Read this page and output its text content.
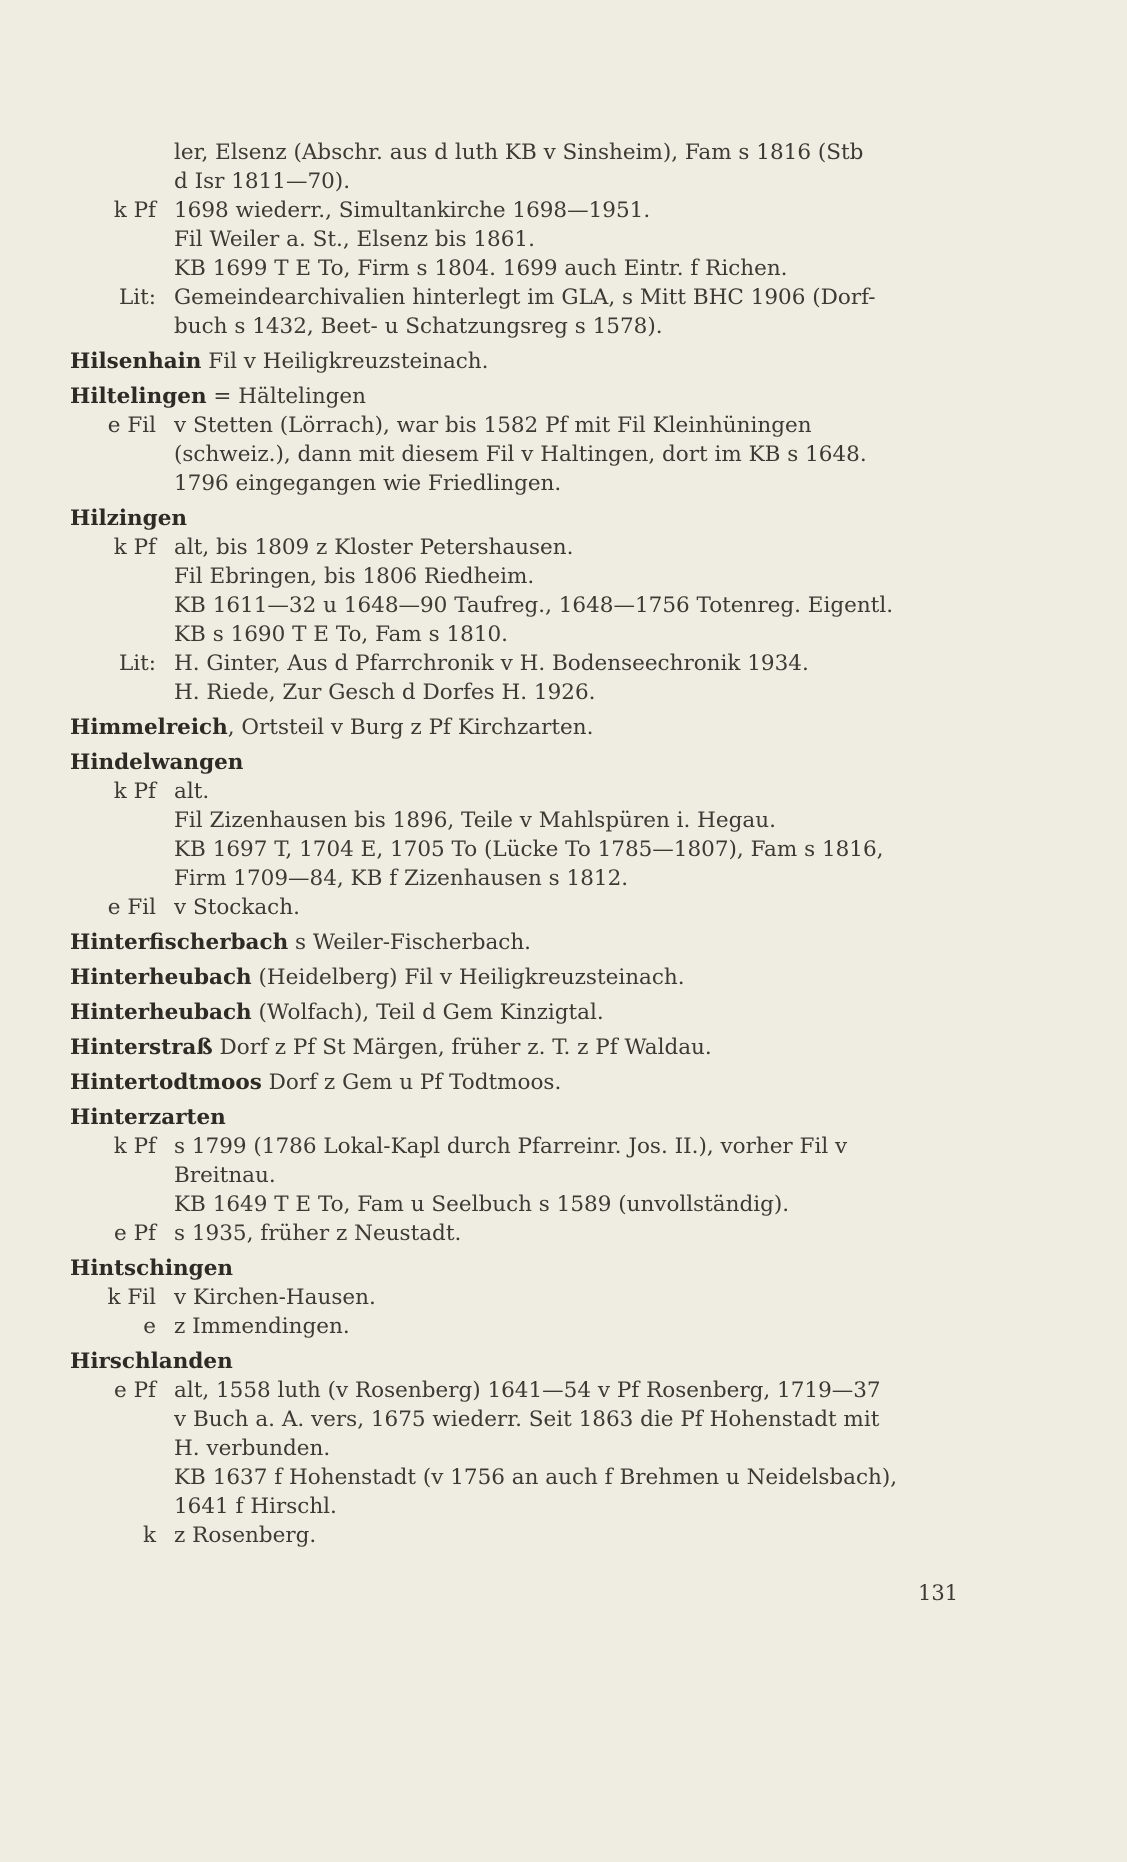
ler, Elsenz (Abschr. aus d luth KB v Sinsheim), Fam s 1816 (Stb
d Isr 1811—70).
k Pf 1698 wiederr., Simultankirche 1698—1951.
Fil Weiler a. St., Elsenz bis 1861.
KB 1699 T E To, Firm s 1804. 1699 auch Eintr. f Richen.
Lit: Gemeindearchivalien hinterlegt im GLA, s Mitt BHC 1906 (Dorf-
buch s 1432, Beet- u Schatzungsreg s 1578).
Hilsenhain Fil v Heiligkreuzsteinach.
Hiltelingen = Hältelingen
e Fil v Stetten (Lörrach), war bis 1582 Pf mit Fil Kleinhüningen
(schweiz.), dann mit diesem Fil v Haltingen, dort im KB s 1648.
1796 eingegangen wie Friedlingen.
Hilzingen
k Pf alt, bis 1809 z Kloster Petershausen.
Fil Ebringen, bis 1806 Riedheim.
KB 1611—32 u 1648—90 Taufreg., 1648—1756 Totenreg. Eigentl.
KB s 1690 T E To, Fam s 1810.
Lit: H. Ginter, Aus d Pfarrchronik v H. Bodenseechronik 1934.
H. Riede, Zur Gesch d Dorfes H. 1926.
Himmelreich, Ortsteil v Burg z Pf Kirchzarten.
Hindelwangen
k Pf alt.
Fil Zizenhausen bis 1896, Teile v Mahlspüren i. Hegau.
KB 1697 T, 1704 E, 1705 To (Lücke To 1785—1807), Fam s 1816,
Firm 1709—84, KB f Zizenhausen s 1812.
e Fil v Stockach.
Hinterfischerbach s Weiler-Fischerbach.
Hinterheubach (Heidelberg) Fil v Heiligkreuzsteinach.
Hinterheubach (Wolfach), Teil d Gem Kinzigtal.
Hinterstraß Dorf z Pf St Märgen, früher z. T. z Pf Waldau.
Hintertodtmoos Dorf z Gem u Pf Todtmoos.
Hinterzarten
k Pf s 1799 (1786 Lokal-Kapl durch Pfarreinr. Jos. II.), vorher Fil v
Breitnau.
KB 1649 T E To, Fam u Seelbuch s 1589 (unvollständig).
e Pf s 1935, früher z Neustadt.
Hintschingen
k Fil v Kirchen-Hausen.
e z Immendingen.
Hirschlanden
e Pf alt, 1558 luth (v Rosenberg) 1641—54 v Pf Rosenberg, 1719—37
v Buch a. A. vers, 1675 wiederr. Seit 1863 die Pf Hohenstadt mit
H. verbunden.
KB 1637 f Hohenstadt (v 1756 an auch f Brehmen u Neidelsbach),
1641 f Hirschl.
k z Rosenberg.
131
